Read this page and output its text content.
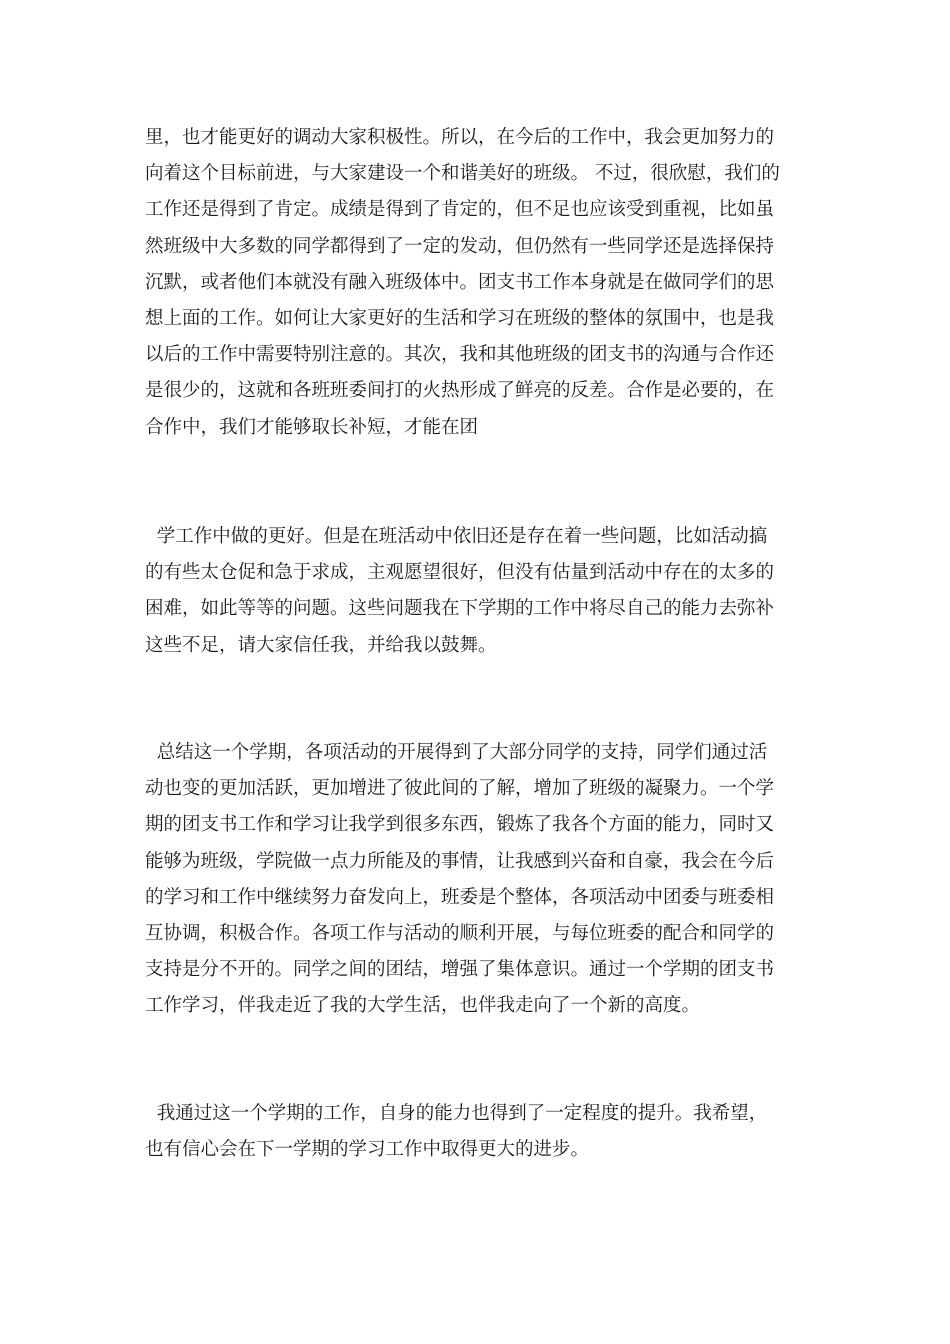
里，也才能更好的调动大家积极性。所以，在今后的工作中，我会更加努力的
向着这个目标前进，与大家建设一个和谐美好的班级。 不过，很欣慰，我们的
工作还是得到了肯定。成绩是得到了肯定的，但不足也应该受到重视，比如虽
然班级中大多数的同学都得到了一定的发动，但仍然有一些同学还是选择保持
沉默，或者他们本就没有融入班级体中。团支书工作本身就是在做同学们的思
想上面的工作。如何让大家更好的生活和学习在班级的整体的氛围中，也是我
以后的工作中需要特别注意的。其次，我和其他班级的团支书的沟通与合作还
是很少的，这就和各班班委间打的火热形成了鲜亮的反差。合作是必要的，在
合作中，我们才能够取长补短，才能在团
学工作中做的更好。但是在班活动中依旧还是存在着一些问题，比如活动搞
的有些太仓促和急于求成，主观愿望很好，但没有估量到活动中存在的太多的
困难，如此等等的问题。这些问题我在下学期的工作中将尽自己的能力去弥补
这些不足，请大家信任我，并给我以鼓舞。
总结这一个学期，各项活动的开展得到了大部分同学的支持，同学们通过活
动也变的更加活跃，更加增进了彼此间的了解，增加了班级的凝聚力。一个学
期的团支书工作和学习让我学到很多东西，锻炼了我各个方面的能力，同时又
能够为班级，学院做一点力所能及的事情，让我感到兴奋和自豪，我会在今后
的学习和工作中继续努力奋发向上，班委是个整体，各项活动中团委与班委相
互协调，积极合作。各项工作与活动的顺利开展，与每位班委的配合和同学的
支持是分不开的。同学之间的团结，增强了集体意识。通过一个学期的团支书
工作学习，伴我走近了我的大学生活，也伴我走向了一个新的高度。
我通过这一个学期的工作，自身的能力也得到了一定程度的提升。我希望，
也有信心会在下一学期的学习工作中取得更大的进步。
